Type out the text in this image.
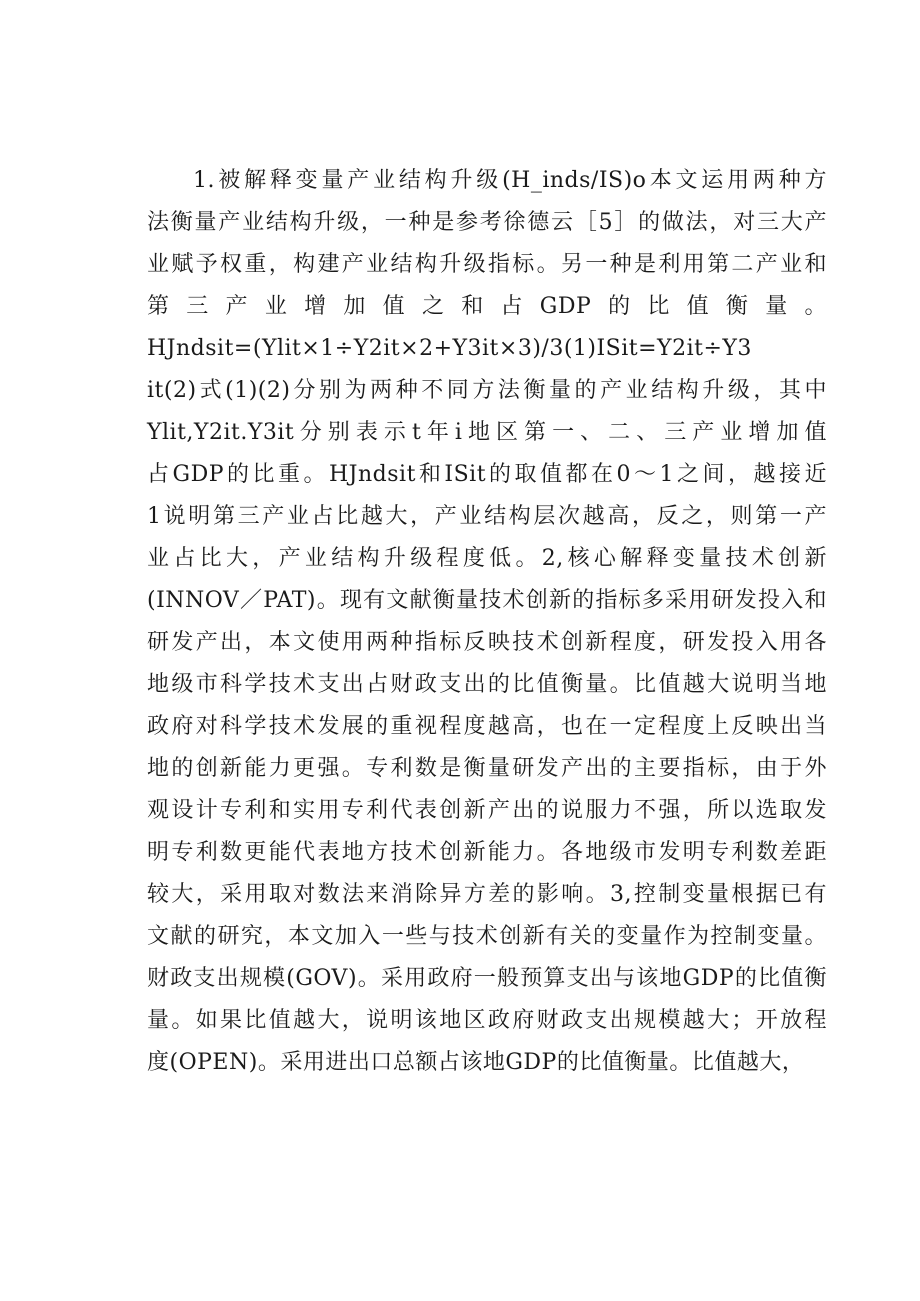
1.被解释变量产业结构升级(H_inds/IS)o本文运用两种方
法衡量产业结构升级，一种是参考徐德云［5］的做法，对三大产
业赋予权重，构建产业结构升级指标。另一种是利用第二产业和
第三产业增加值之和占GDP的比值衡量。
HJndsit=(Ylit×1÷Y2it×2+Y3it×3)/3(1)ISit=Y2it÷Y3
it(2)式(1)(2)分别为两种不同方法衡量的产业结构升级，其中
Ylit,Y2it.Y3it分别表示t年i地区第一、二、三产业增加值
占GDP的比重。HJndsit和ISit的取值都在0～1之间，越接近
1说明第三产业占比越大，产业结构层次越高，反之，则第一产
业占比大，产业结构升级程度低。2,核心解释变量技术创新
(INNOV／PAT)。现有文献衡量技术创新的指标多采用研发投入和
研发产出，本文使用两种指标反映技术创新程度，研发投入用各
地级市科学技术支出占财政支出的比值衡量。比值越大说明当地
政府对科学技术发展的重视程度越高，也在一定程度上反映出当
地的创新能力更强。专利数是衡量研发产出的主要指标，由于外
观设计专利和实用专利代表创新产出的说服力不强，所以选取发
明专利数更能代表地方技术创新能力。各地级市发明专利数差距
较大，采用取对数法来消除异方差的影响。3,控制变量根据已有
文献的研究，本文加入一些与技术创新有关的变量作为控制变量。
财政支出规模(GOV)。采用政府一般预算支出与该地GDP的比值衡
量。如果比值越大，说明该地区政府财政支出规模越大；开放程
度(OPEN)。采用进出口总额占该地GDP的比值衡量。比值越大，
